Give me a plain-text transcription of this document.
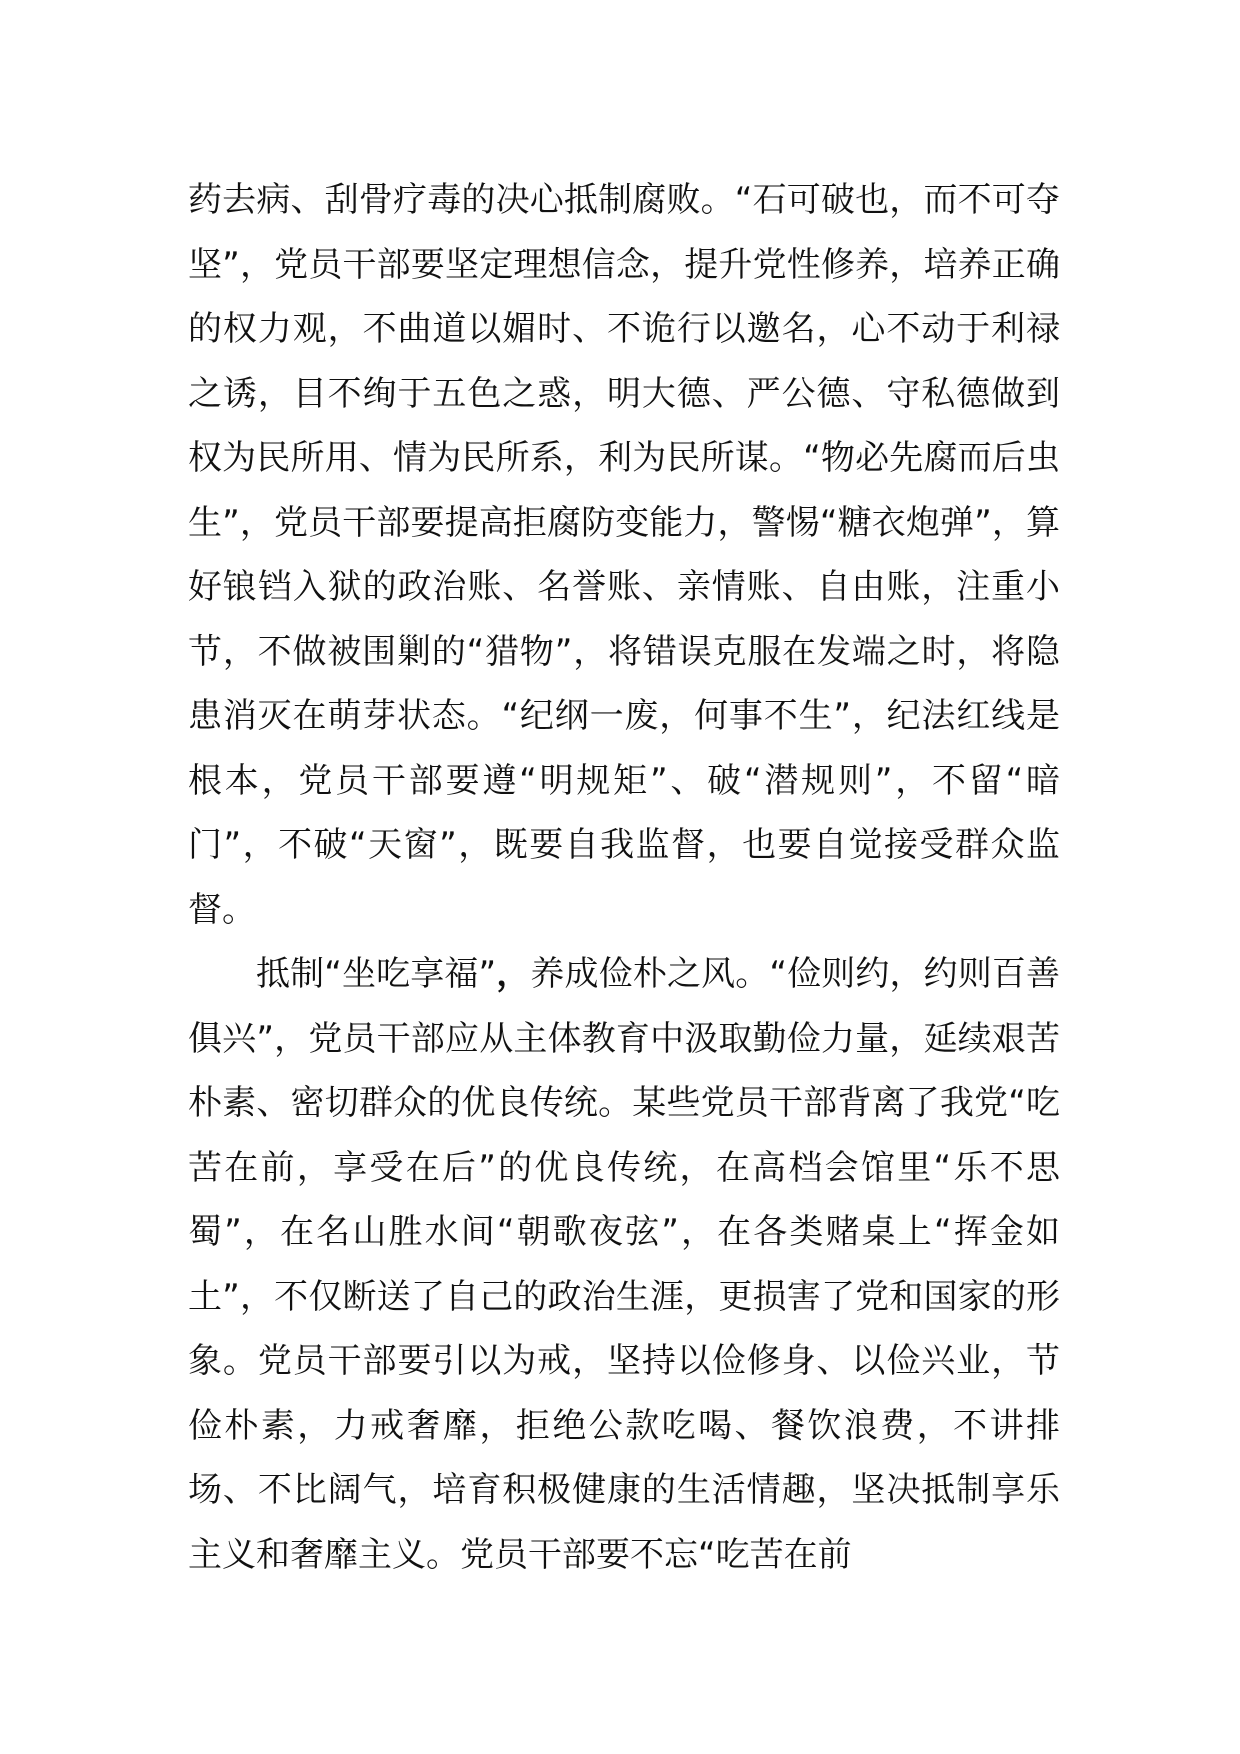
药去病、刮骨疗毒的决心抵制腐败。“石可破也，而不可夺坚”，党员干部要坚定理想信念，提升党性修养，培养正确的权力观，不曲道以媚时、不诡行以邀名，心不动于利禄之诱，目不绚于五色之惑，明大德、严公德、守私德做到权为民所用、情为民所系，利为民所谋。“物必先腐而后虫生”，党员干部要提高拒腐防变能力，警惕“糖衣炮弹”，算好锒铛入狱的政治账、名誉账、亲情账、自由账，注重小节，不做被围剿的“猎物”，将错误克服在发端之时，将隐患消灭在萌芽状态。“纪纲一废，何事不生”，纪法红线是根本，党员干部要遵“明规矩”、破“潜规则”，不留“暗门”，不破“天窗”，既要自我监督，也要自觉接受群众监督。

抵制“坐吃享福”，养成俭朴之风。“俭则约，约则百善俱兴”，党员干部应从主体教育中汲取勤俭力量，延续艰苦朴素、密切群众的优良传统。某些党员干部背离了我党“吃苦在前，享受在后”的优良传统，在高档会馆里“乐不思蜀”，在名山胜水间“朝歌夜弦”，在各类赌桌上“挥金如土”，不仅断送了自己的政治生涯，更损害了党和国家的形象。党员干部要引以为戒，坚持以俭修身、以俭兴业，节俭朴素，力戒奢靡，拒绝公款吃喝、餐饮浪费，不讲排场、不比阔气，培育积极健康的生活情趣，坚决抵制享乐主义和奢靡主义。党员干部要不忘“吃苦在前
